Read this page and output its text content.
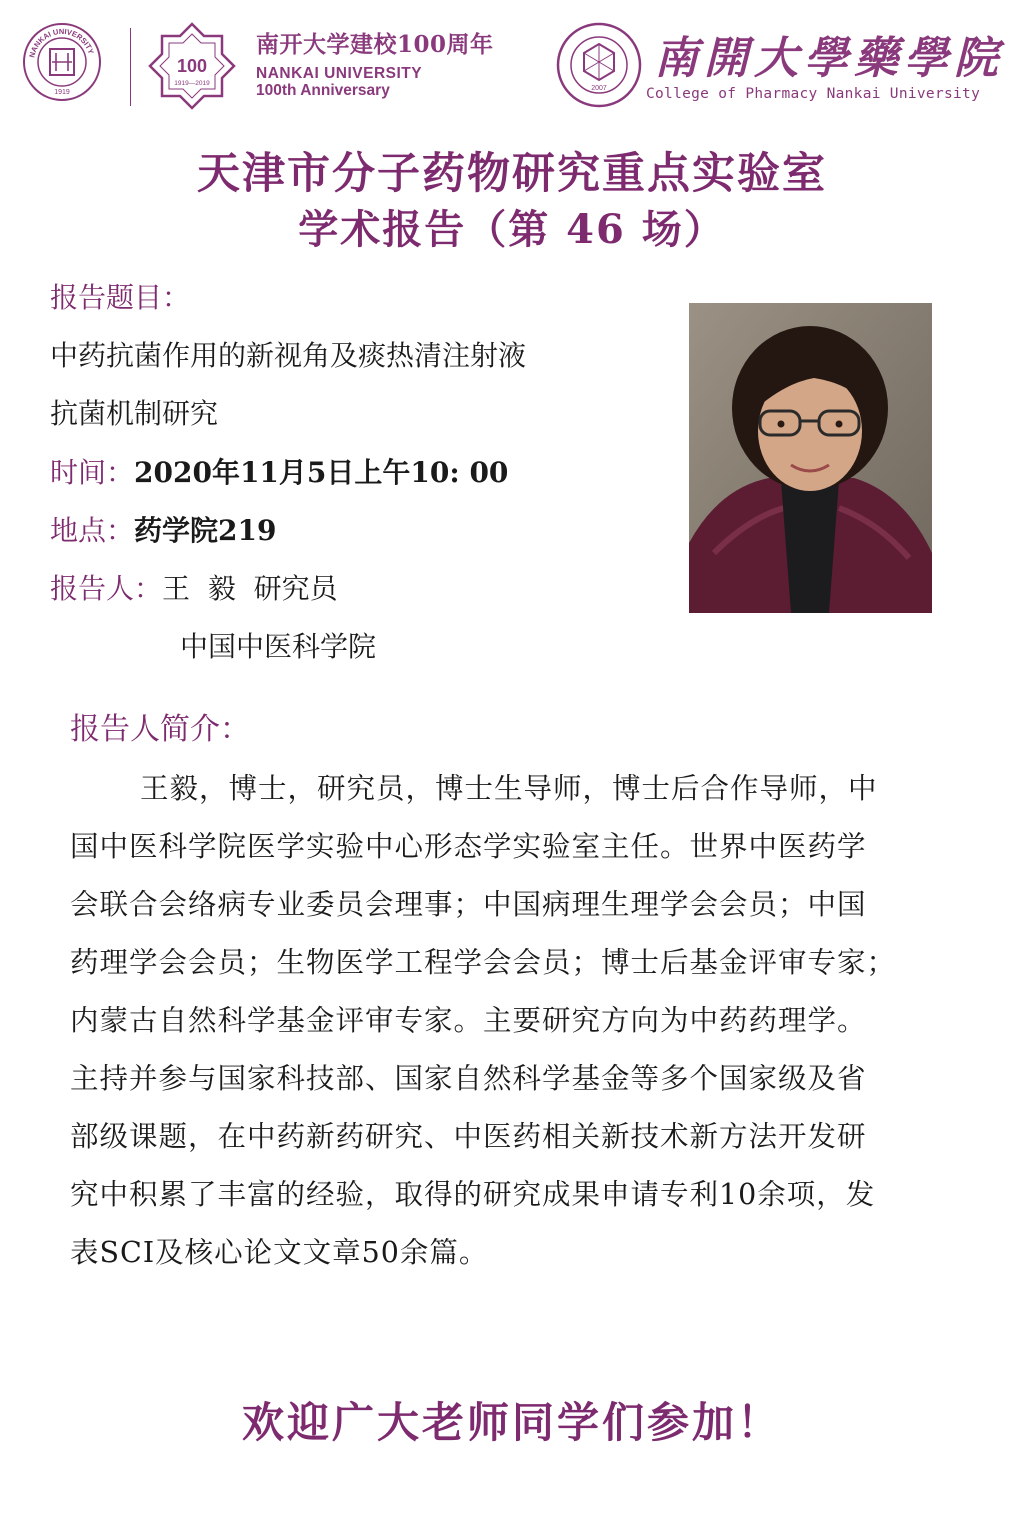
NANKAI UNIVERSITY
1919
100
1919—2019
南开大学建校100周年
NANKAI UNIVERSITY
100th Anniversary	2007
南開大學藥學院
College of Pharmacy Nankai University
天津市分子药物研究重点实验室
学术报告（第 46 场）
报告题目：
中药抗菌作用的新视角及痰热清注射液
抗菌机制研究
时间：2020年11月5日上午10: 00
地点：药学院219
报告人：王  毅  研究员
中国中医科学院
报告人简介：
王毅，博士，研究员，博士生导师，博士后合作导师，中
国中医科学院医学实验中心形态学实验室主任。世界中医药学
会联合会络病专业委员会理事；中国病理生理学会会员；中国
药理学会会员；生物医学工程学会会员；博士后基金评审专家；
内蒙古自然科学基金评审专家。主要研究方向为中药药理学。
主持并参与国家科技部、国家自然科学基金等多个国家级及省
部级课题，在中药新药研究、中医药相关新技术新方法开发研
究中积累了丰富的经验，取得的研究成果申请专利10余项，发
表SCI及核心论文文章50余篇。
欢迎广大老师同学们参加！
